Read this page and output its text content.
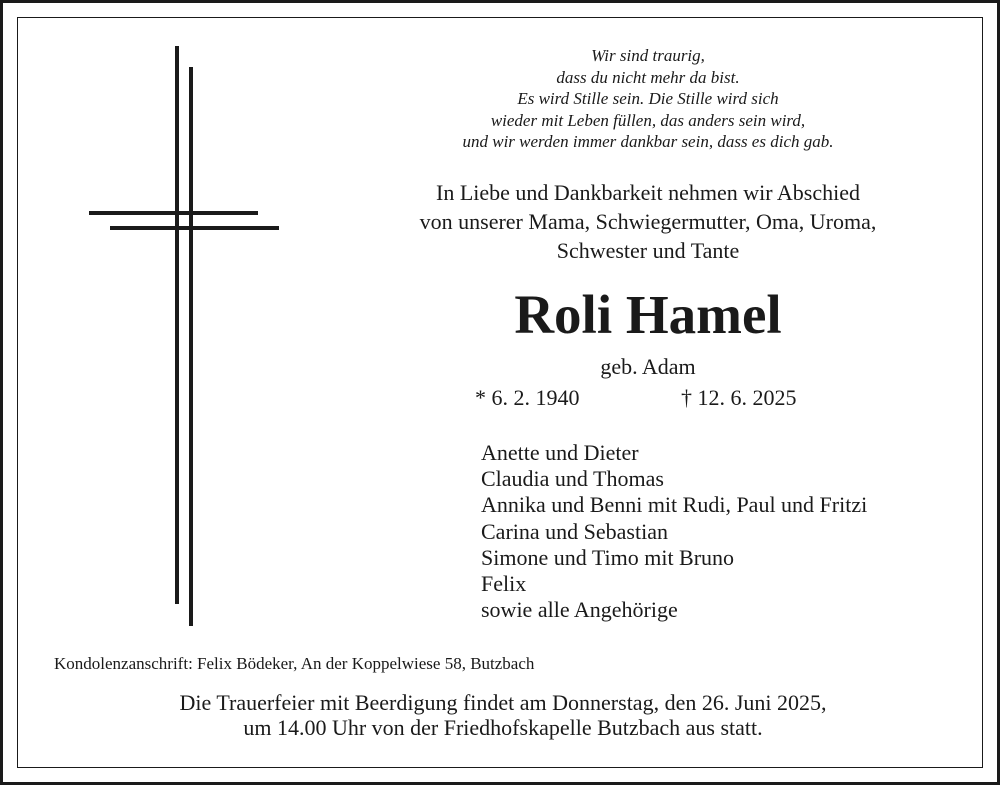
Wir sind traurig,
dass du nicht mehr da bist.
Es wird Stille sein. Die Stille wird sich
wieder mit Leben füllen, das anders sein wird,
und wir werden immer dankbar sein, dass es dich gab.
In Liebe und Dankbarkeit nehmen wir Abschied
von unserer Mama, Schwiegermutter, Oma, Uroma,
Schwester und Tante
Roli Hamel
geb. Adam
* 6. 2. 1940	† 12. 6. 2025
Anette und Dieter
Claudia und Thomas
Annika und Benni mit Rudi, Paul und Fritzi
Carina und Sebastian
Simone und Timo mit Bruno
Felix
sowie alle Angehörige
Kondolenzanschrift: Felix Bödeker, An der Koppelwiese 58, Butzbach
Die Trauerfeier mit Beerdigung findet am Donnerstag, den 26. Juni 2025,
um 14.00 Uhr von der Friedhofskapelle Butzbach aus statt.
